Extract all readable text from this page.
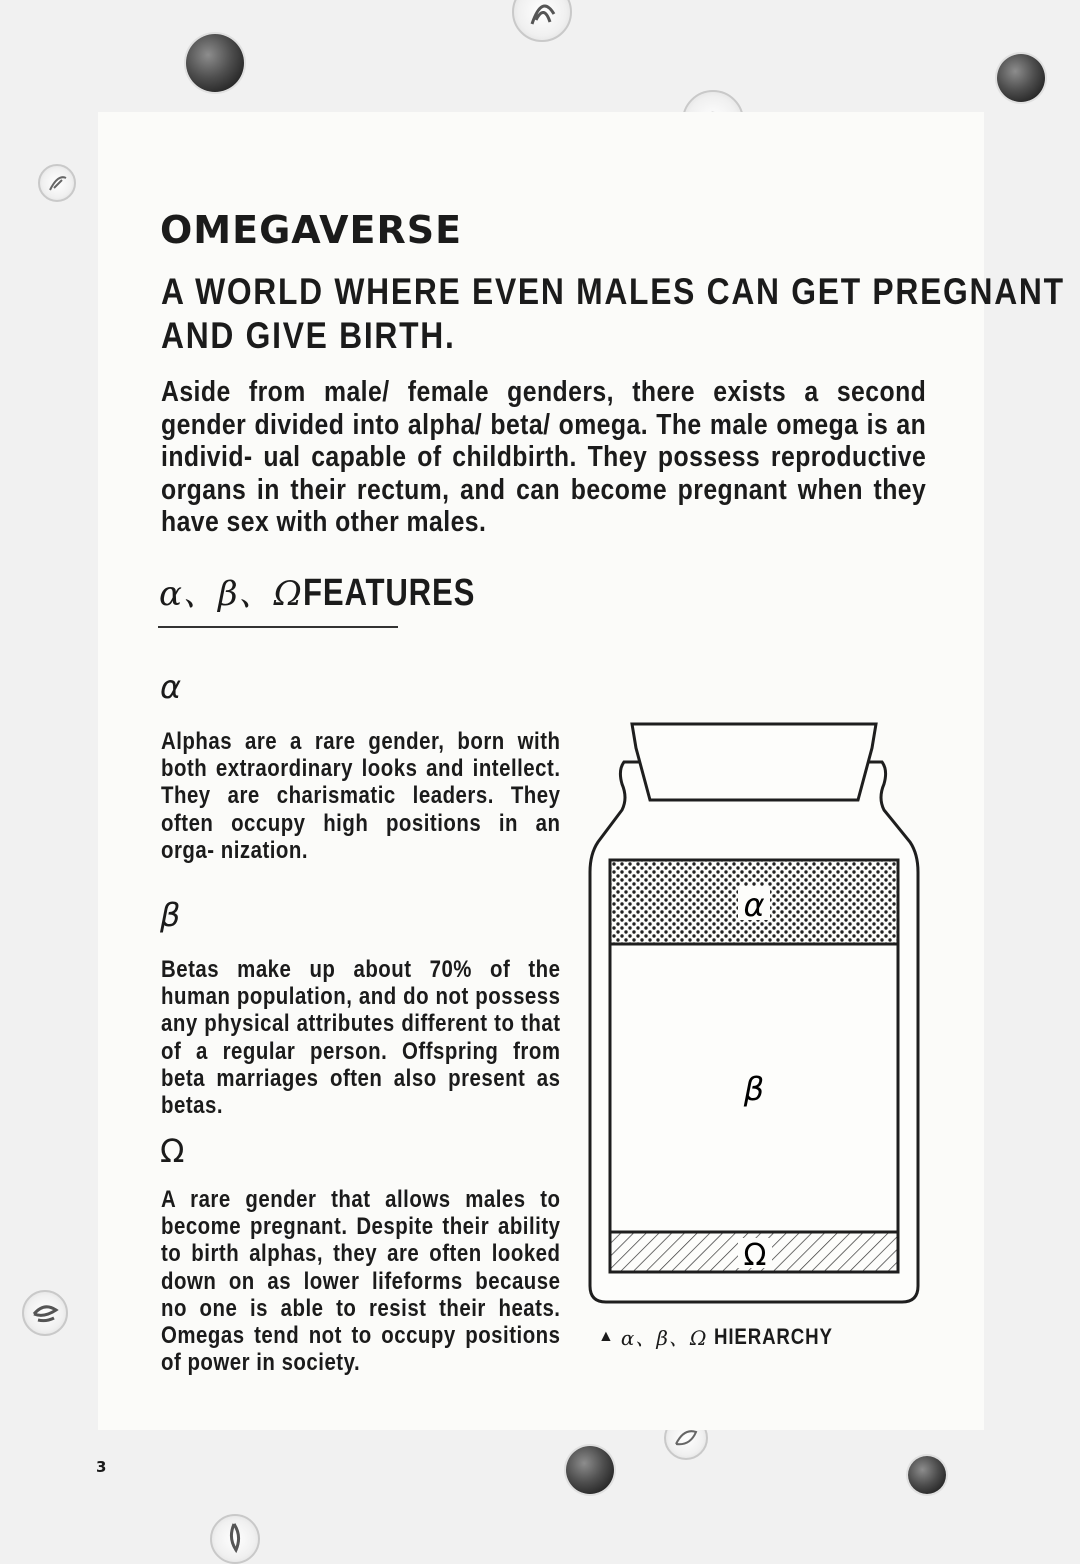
OMEGAVERSE
A WORLD WHERE EVEN MALES CAN GET PREGNANT
AND GIVE BIRTH.

Aside from male/ female genders, there exists a second gender divided into alpha/ beta/ omega. The male omega is an individ- ual capable of childbirth. They possess reproductive organs in their rectum, and can become pregnant when they have sex with other males.

α、β、ΩFEATURES
α

Alphas are a rare gender, born with both extraordinary looks and intellect. They are charismatic leaders. They often occupy high positions in an orga- nization.

β

Betas make up about 70% of the human population, and do not possess any physical attributes different to that of a regular person. Offspring from beta marriages often also present as betas.

Ω

A rare gender that allows males to become pregnant. Despite their ability to birth alphas, they are often looked down on as lower lifeforms because no one is able to resist their heats. Omegas tend not to occupy positions of power in society.

α
β
Ω
▲ α、β、Ω HIERARCHY
3
